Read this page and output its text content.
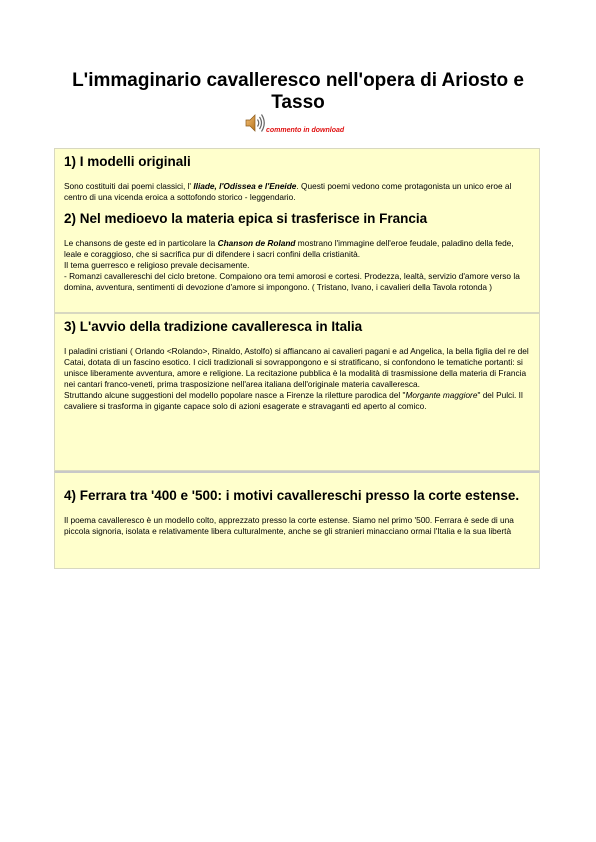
L'immaginario cavalleresco nell'opera di Ariosto e Tasso
commento in download
1) I modelli originali

Sono costituiti dai poemi classici, l' Iliade, l'Odissea e l'Eneide. Questi poemi vedono come protagonista un unico eroe al centro di una vicenda eroica a sottofondo storico - leggendario.

2) Nel medioevo la materia epica si trasferisce in Francia

Le chansons de geste ed in particolare la Chanson de Roland mostrano l'immagine dell'eroe feudale, paladino della fede, leale e coraggioso, che si sacrifica pur di difendere i sacri confini della cristianità.

Il tema guerresco e religioso prevale decisamente.

- Romanzi cavallereschi del ciclo bretone. Compaiono ora temi amorosi e cortesi. Prodezza, lealtà, servizio d'amore verso la domina, avventura, sentimenti di devozione d'amore si impongono. ( Tristano, Ivano, i cavalieri della Tavola rotonda )

3) L'avvio della tradizione cavalleresca in Italia

I paladini cristiani ( Orlando <Rolando>, Rinaldo, Astolfo) si affiancano ai cavalieri pagani e ad Angelica, la bella figlia del re del Catai, dotata di un fascino esotico. I cicli tradizionali si sovrappongono e si stratificano, si confondono le tematiche portanti: si unisce liberamente avventura, amore e religione. La recitazione pubblica è la modalità di trasmissione della materia di Francia nei cantari franco-veneti, prima trasposizione nell'area italiana dell'originale materia cavalleresca.

Struttando alcune suggestioni del modello popolare nasce a Firenze la riletture parodica del "Morgante maggiore" del Pulci. Il cavaliere si trasforma in gigante capace solo di azioni esagerate e stravaganti ed aperto al comico.

4) Ferrara tra '400 e '500: i motivi cavallereschi presso la corte estense.

Il poema cavalleresco è un modello colto, apprezzato presso la corte estense. Siamo nel primo '500. Ferrara è sede di una piccola signoria, isolata e relativamente libera culturalmente, anche se gli stranieri minacciano ormai l'Italia e la sua libertà
